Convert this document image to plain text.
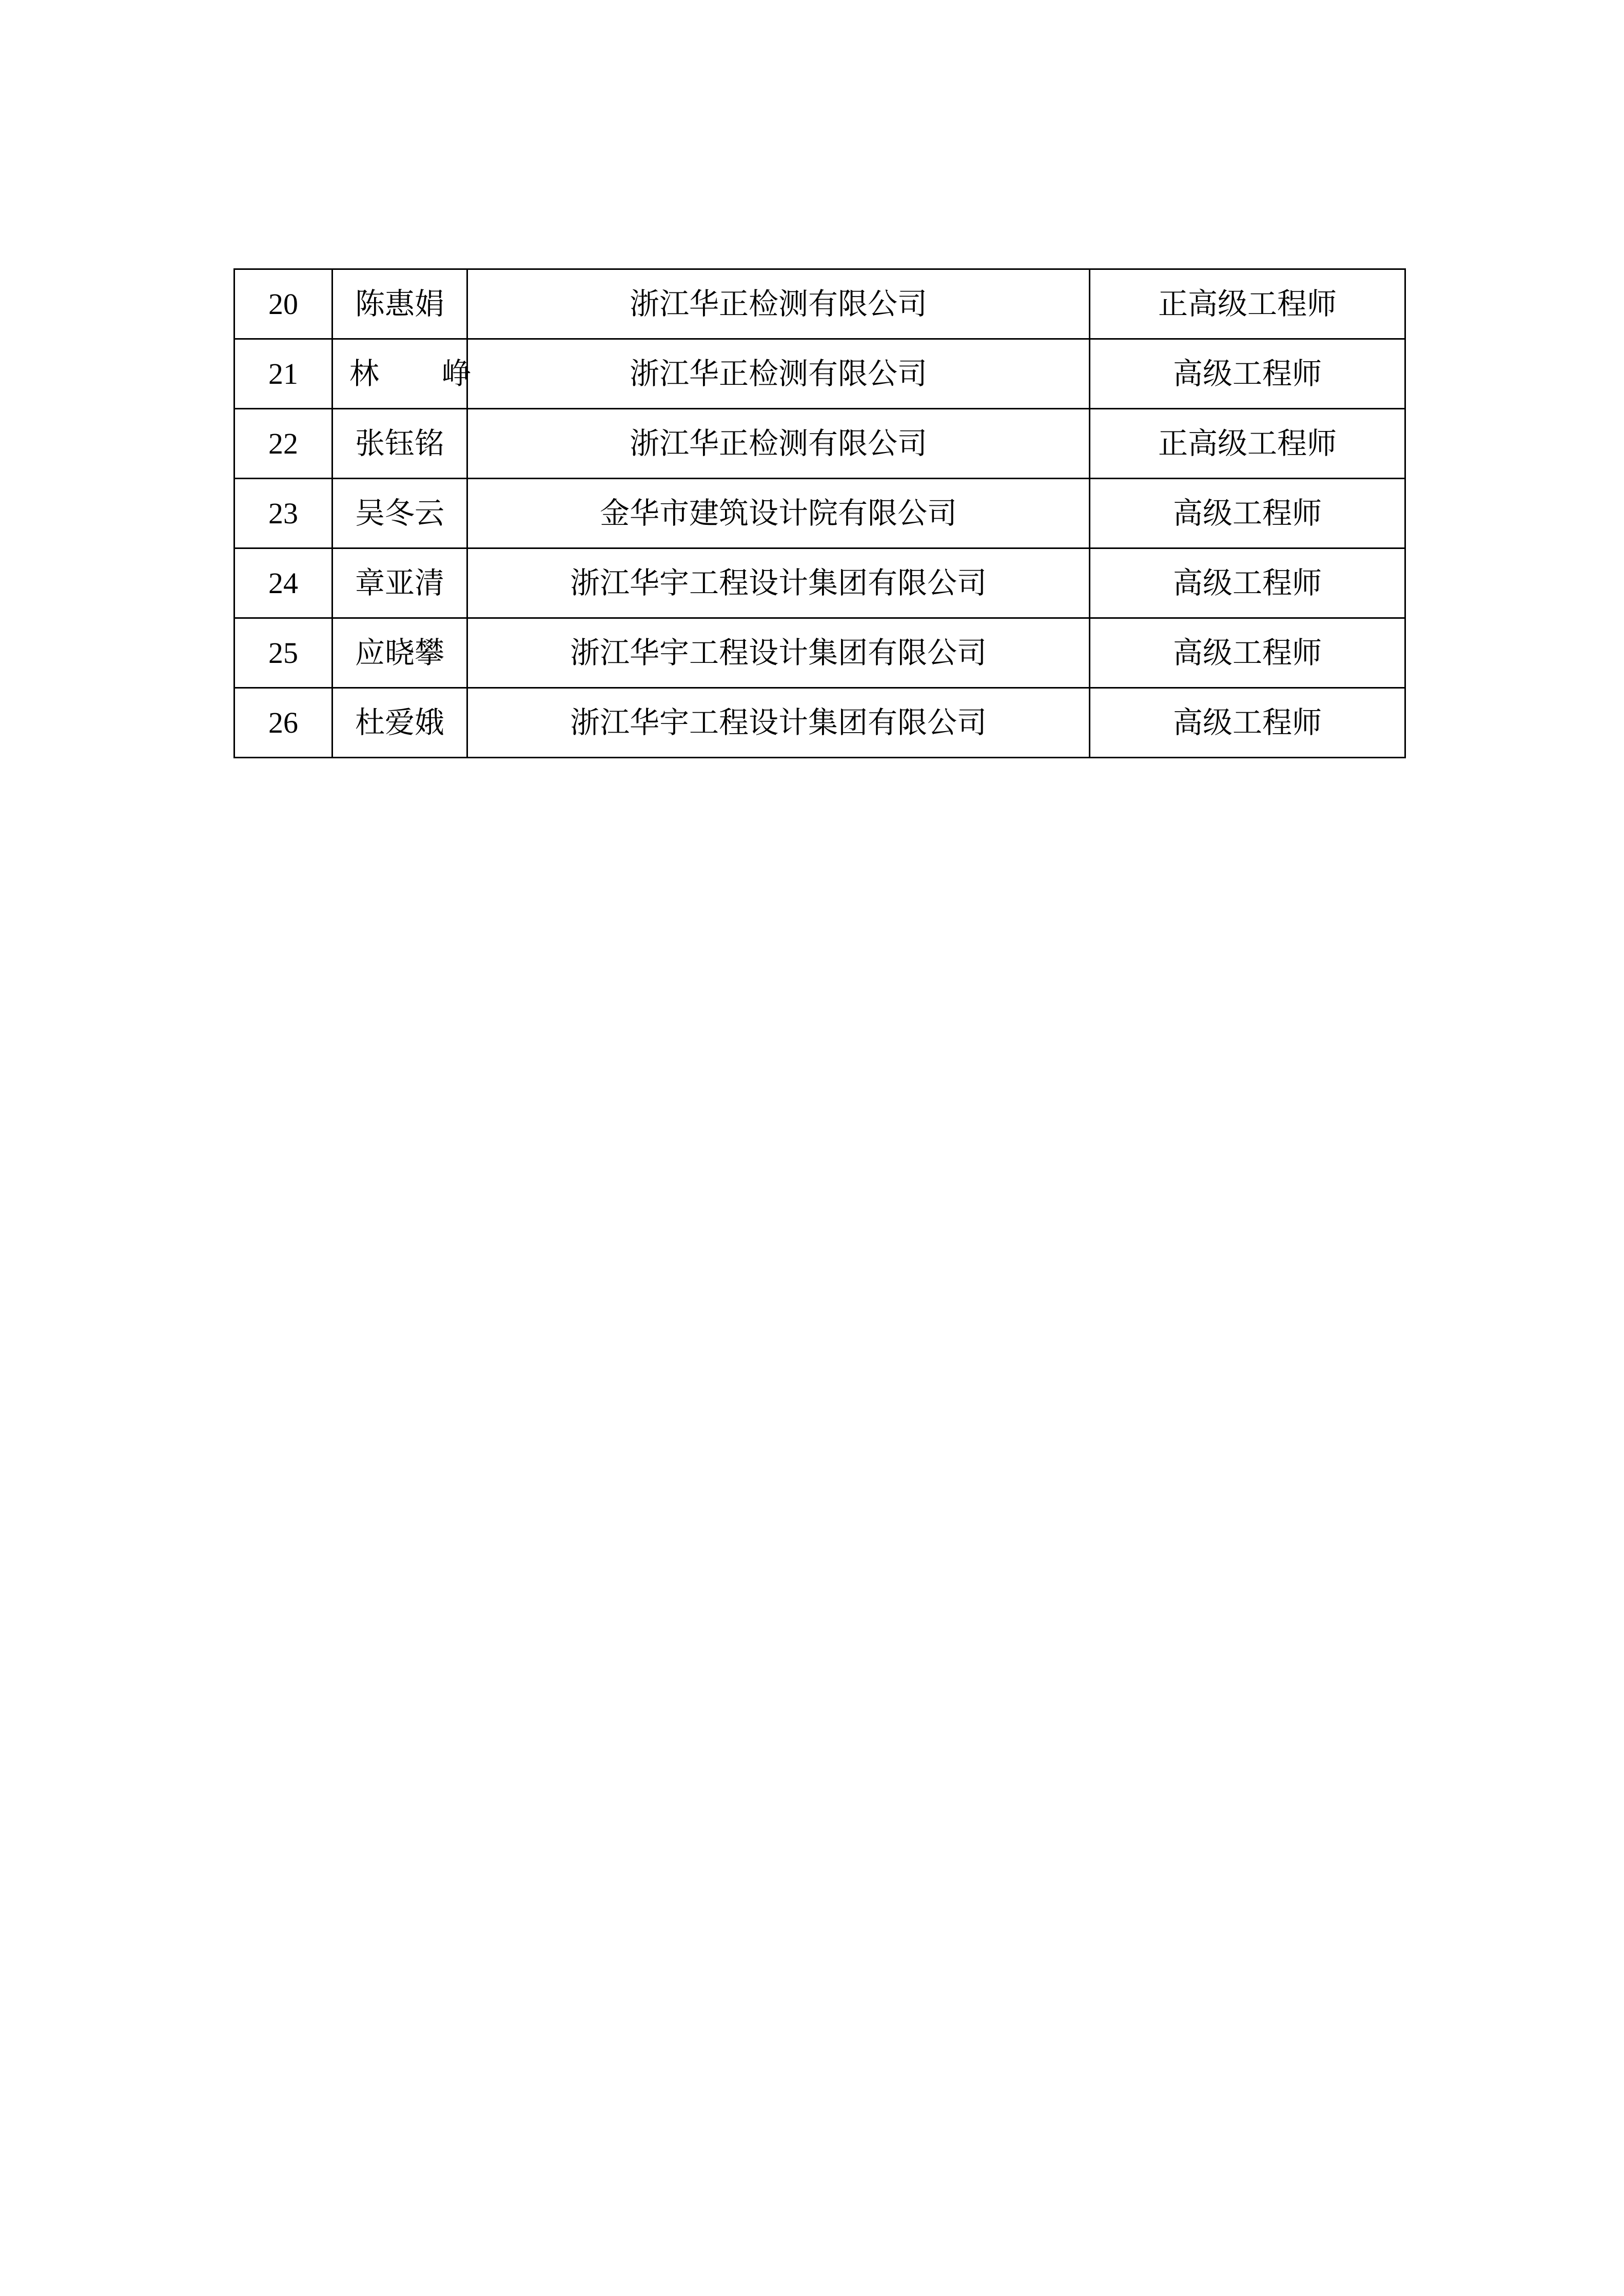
20	陈惠娟	浙江华正检测有限公司	正高级工程师
21	林　峥	浙江华正检测有限公司	高级工程师
22	张钰铭	浙江华正检测有限公司	正高级工程师
23	吴冬云	金华市建筑设计院有限公司	高级工程师
24	章亚清	浙江华宇工程设计集团有限公司	高级工程师
25	应晓攀	浙江华宇工程设计集团有限公司	高级工程师
26	杜爱娥	浙江华宇工程设计集团有限公司	高级工程师
